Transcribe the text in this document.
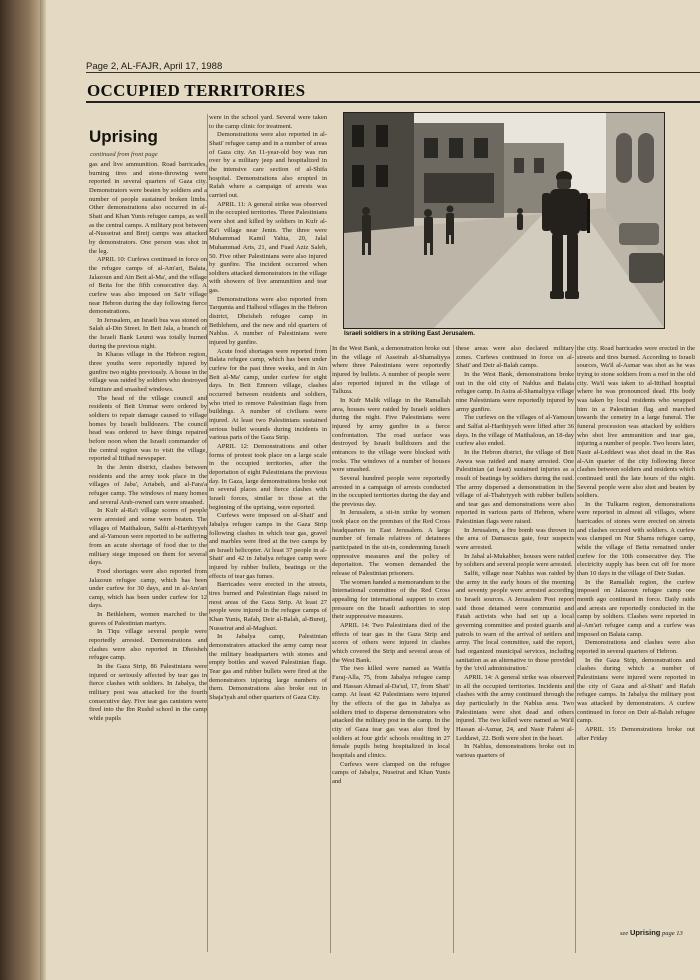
Page 2, AL-FAJR, April 17, 1988
OCCUPIED TERRITORIES
Uprising
continued from front page

gas and live ammunition. Road barricades, burning tires and stone-throwing were reported in several quarters of Gaza city. Demonstrators were beaten by soldiers and a number of people sustained broken limbs. Other demonstrations also occurred in al-Shati and Khan Yunis refugee camps, as well as the central camps. A military post between al-Nusseirat and Breij camps was attacked by demonstrators. One person was shot in the leg.

APRIL 10: Curfews continued in force on the refugee camps of al-Am'ari, Balata, Jalazoun and Ain Beit al-Ma', and the village of Beita for the fifth consecutive day. A curfew was also imposed on Sa'ir village near Hebron during the day following fierce demonstrations.

In Jerusalem, an Israeli bus was stoned on Salah al-Din Street. In Beit Jala, a branch of the Israeli Bank Leumi was totally burned during the previous night.

In Kharas village in the Hebron region, three youths were reportedly injured by gunfire two nights previously. A house in the village was raided by soldiers who destroyed furniture and smashed windows.

The head of the village council and residents of Beit Ummar were ordered by soldiers to repair damage caused to village homes by Israeli bulldozers. The council head was ordered to have things repaired before noon when the Israeli commander of the central region was to visit the village, reported al Ittihad newspaper.

In the Jenin district, clashes between residents and the army took place in the villages of Jaba', Artabeh, and al-Fara'a refugee camp. The windows of many homes and several Arab-owned cars were smashed.

In Kufr al-Ra'i village scores of people were arrested and some were beaten. The villages of Maithaloun, Salfit al-Harthiyyeh and al-Yamoun were reported to be suffering from an acute shortage of food due to the military siege imposed on them for several days.

Food shortages were also reported from Jalazoun refugee camp, which has been under curfew for 30 days, and in al-Am'ari camp, which has been under curfew for 12 days.

In Bethlehem, women marched to the graves of Palestinian martyrs.

In Tiqu village several people were reportedly arrested. Demonstrations and clashes were also reported in Dheisheh refugee camp.

In the Gaza Strip, 86 Palestinians were injured or seriously affected by tear gas in fierce clashes with soldiers. In Jabalya, the military post was attacked for the fourth consecutive day. Five tear gas canisters were fired into the Ibn Rushd school in the camp while pupils

were in the school yard. Several were taken to the camp clinic for treatment.

Demonstrations were also reported in al-Shati' refugee camp and in a number of areas of Gaza city. An 11-year-old boy was run over by a military jeep and hospitalized in the intensive care section of al-Shifa hospital. Demonstrations also erupted in Rafah where a campaign of arrests was carried out.

APRIL 11: A general strike was observed in the occupied territories. Three Palestinians were shot and killed by soldiers in Kufr al-Ra'i village near Jenin. The three were Muhammad Kamil Yahia, 20, Jalal Muhammad Arts, 21, and Fuad Aziz Saleh, 50. Five other Palestinians were also injured by gunfire. The incident occurred when soldiers attacked demonstrators in the village with showers of live ammunition and tear gas.

Demonstrations were also reported from Tarqumia and Halhoul villages in the Hebron district, Dheisheh refugee camp in Bethlehem, and the new and old quarters of Nablus. A number of Palestinians were injured by gunfire.

Acute food shortages were reported from Balata refugee camp, which has been under curfew for the past three weeks, and in Ain Beit al-Ma' camp, under curfew for eight days. In Beit Emreen village, clashes occurred between residents and soldiers, who tried to remove Palestinian flags from buildings. A number of civilians were injured. At least two Palestinians sustained serious bullet wounds during incidents in various parts of the Gaza Strip.

APRIL 12: Demonstrations and other forms of protest took place on a large scale in the occupied territories, after the deportation of eight Palestinians the previous day. In Gaza, large demonstrations broke out in several places and fierce clashes with Israeli forces, similar to those at the beginning of the uprising, were reported.

Curfews were imposed on al-Shati' and Jabalya refugee camps in the Gaza Strip following clashes in which tear gas, gravel and marbles were fired at the two camps by an Israeli helicopter. At least 37 people in al-Shati' and 42 in Jabalya refugee camp were injured by rubber bullets, beatings or the effects of tear gas fumes.

Barricades were erected in the streets, tires burned and Palestinian flags raised in most areas of the Gaza Strip. At least 27 people were injured in the refugee camps of Khan Yunis, Rafah, Deir al-Balah, al-Bureij, Nusseirat and al-Maghazi.

In Jabalya camp, Palestinian demonstrators attacked the army camp near the military headquarters with stones and empty bottles and waved Palestinian flags. Tear gas and rubber bullets were fired at the demonstrators injuring large numbers of them. Demonstrations also broke out in Shaja'iyah and other quarters of Gaza City.

In the West Bank, a demonstration broke out in the village of Asseirah al-Shamaliyya where three Palestinians were reportedly injured by bullets. A number of people were also reported injured in the village of Talluza.

In Kufr Malik village in the Ramallah area, houses were raided by Israeli soldiers during the night. Five Palestinians were injured by army gunfire in a fierce confrontation. The road surface was destroyed by Israeli bulldozers and the entrances to the village were blocked with rocks. The windows of a number of houses were smashed.

Several hundred people were reportedly arrested in a campaign of arrests conducted in the occupied territories during the day and the previous day.

In Jerusalem, a sit-in strike by women took place on the premises of the Red Cross headquarters in East Jerusalem. A large number of female relatives of detainees participated in the sit-in, condemning Israeli oppressive measures and the policy of deportation. The women demanded the release of Palestinian prisoners.

The women handed a memorandum to the International committee of the Red Cross appealing for international support to exert pressure on the Israeli authorities to stop their suppressive measures.

APRIL 14: Two Palestinians died of the effects of tear gas in the Gaza Strip and scores of others were injured in clashes which covered the Strip and several areas of the West Bank.

The two killed were named as Wattfa Faraj-Alla, 75, from Jabalya refugee camp and Hassan Ahmad al-Da'ud, 17, from Shati' camp. At least 42 Palestinians were injured by the effects of the gas in Jabalya as soldiers tried to disperse demonstrators who attacked the military post in the camp. In the city of Gaza tear gas was also fired by soldiers at four girls' schools resulting in 27 female pupils being hospitalized in local hospitals and clinics.

Curfews were clamped on the refugee camps of Jabalya, Nuseirat and Khan Yunis and

these areas were also declared military zones. Curfews continued in force on al-Shati' and Deir al-Balah camps.

In the West Bank, demonstrations broke out in the old city of Nablus and Balata refugee camp. In Asira al-Shamaliyya village nine Palestinians were reportedly injured by army gunfire.

The curfews on the villages of al-Yamoun and Salfat al-Harthiyyeh were lifted after 36 days. In the village of Maithaloun, an 18-day curfew also ended.

In the Hebron district, the village of Beit Awwa was raided and many arrested. One Palestinian (at least) sustained injuries as a result of beatings by soldiers during the raid. The army dispersed a demonstration in the village of al-Thahriyyeh with rubber bullets and tear gas and demonstrations were also reported in various parts of Hebron, where Palestinian flags were raised.

In Jerusalem, a fire bomb was thrown in the area of Damascus gate, four suspects were arrested.

In Jabal al-Mukabber, houses were raided by soldiers and several people were arrested.

Salfit, village near Nablus was raided by the army in the early hours of the morning and seventy people were arrested according to Israeli sources. A Jerusalem Post report said those detained were communist and Fatah activists who had set up a local governing committee and posted guards and patrols to warn of the arrival of settlers and army. The local committee, said the report, had organized municipal services, including sanitation as an alternative to those provided by the 'civil administration.'

APRIL 14: A general strike was observed in all the occupied territories. Incidents and clashes with the army continued through the day particularly in the Nablus area. Two Palestinians were shot dead and others injured. The two killed were named as Wa'il Hassan al-Asmar, 24, and Nasir Fahmi al-Leddawi, 22. Both were shot in the heart.

In Nablus, demonstrations broke out in various quarters of

the city. Road barricades were erected in the streets and tires burned. According to Israeli sources, Wa'il al-Asmar was shot as he was trying to stone soldiers from a roof in the old city. Wa'il was taken to al-Ittihad hospital where he was pronounced dead. His body was taken by local residents who wrapped him in a Palestinian flag and marched towards the cemetry in a large funeral. The funeral procession was attacked by soldiers who shot live ammunition and tear gas, injuring a number of people. Two hours later, Nasir al-Leddawi was shot dead in the Ras al-Ain quarter of the city following fierce clashes between soldiers and residents which continued until the late hours of the night. Several people were also shot and beaten by soldiers.

In the Tulkarm region, demonstrations were reported in almost all villages, where barricades of stones were erected on streets and clashes occured with soldiers. A curfew was clamped on Nur Shams refugee camp, while the village of Beita remained under curfew for the 10th consecutive day. The electricity supply has been cut off for more than 10 days in the village of Deir Sudan.

In the Ramallah region, the curfew imposed on Jalazoun refugee camp one month ago continued in force. Daily raids and arrests are reportedly conducted in the camp by soldiers. Clashes were reported in al-Am'ari refugee camp and a curfew was imposed on Balata camp.

Demonstrations and clashes were also reported in several quarters of Hebron.

In the Gaza Strip, demonstrations and clashes during which a number of Palestinians were injured were reported in the city of Gaza and al-Shati' and Rafah refugee camps. In Jabalya the military post was attacked by demonstrators. A curfew continued in force on Deir al-Balah refugee camp.

APRIL 15: Demonstrations broke out after Friday

Israeli soldiers in a striking East Jerusalem.
see Uprising page 13
